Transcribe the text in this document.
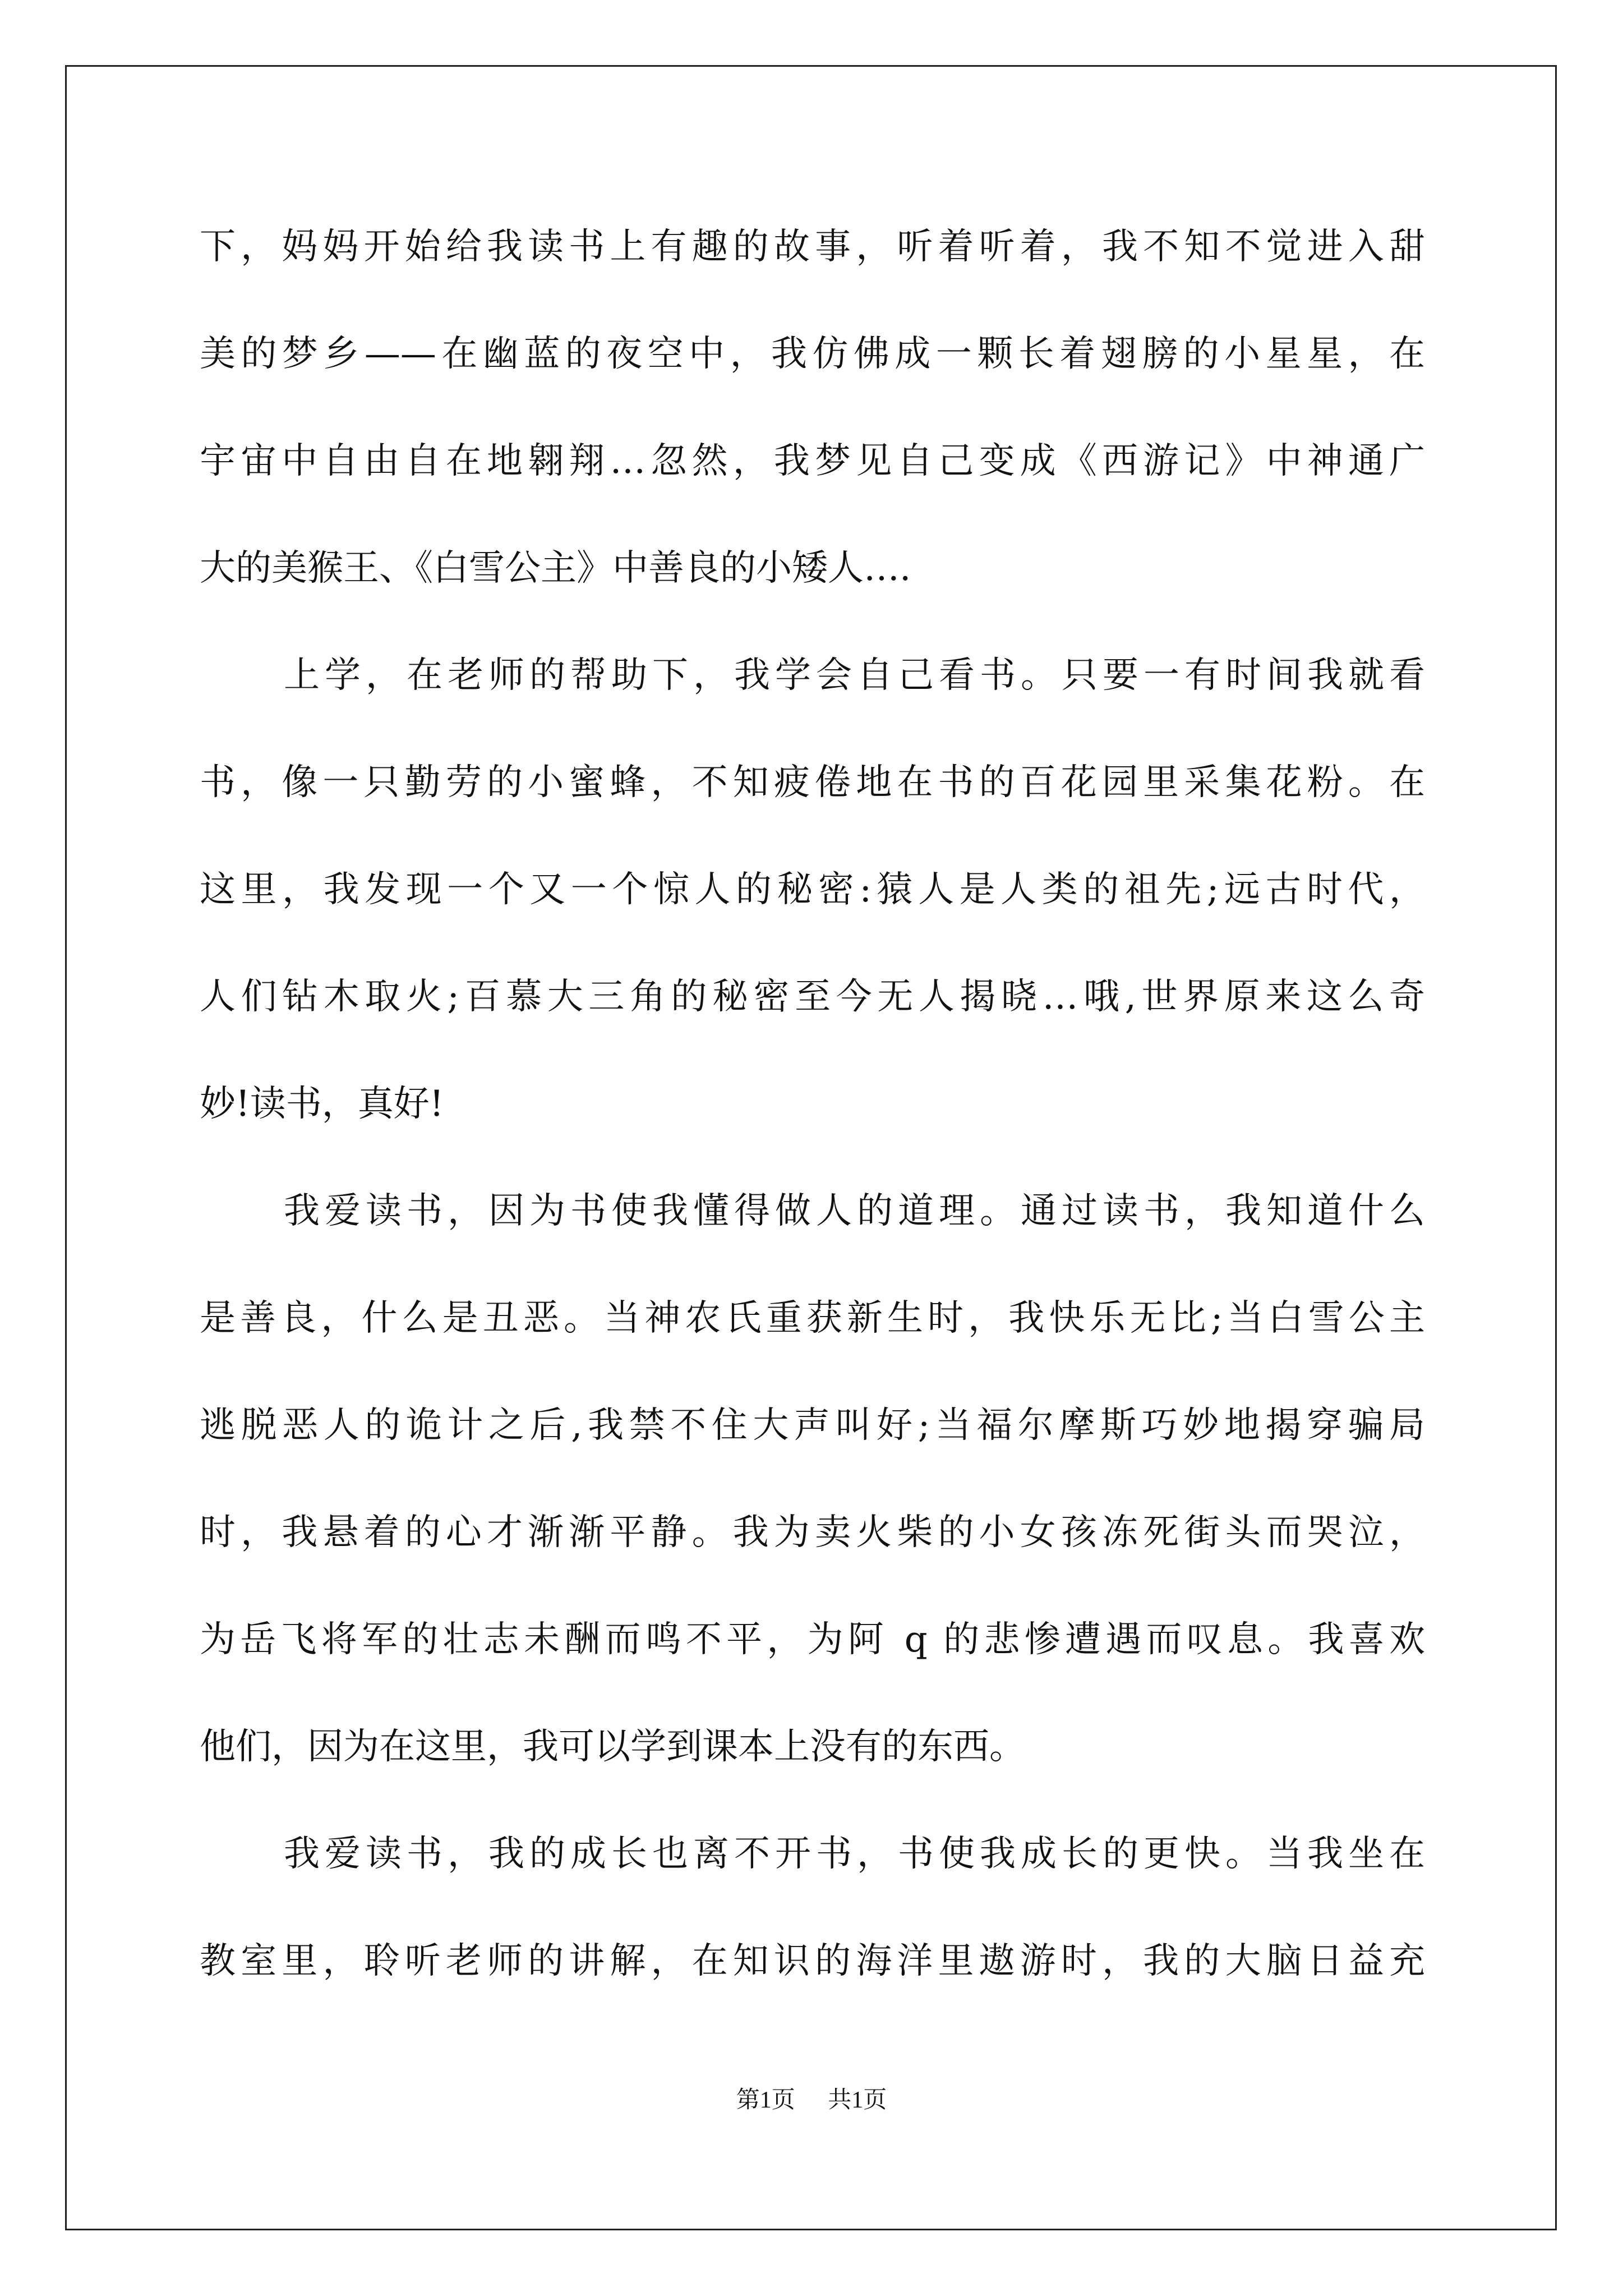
下，妈妈开始给我读书上有趣的故事，听着听着，我不知不觉进入甜
美的梦乡——在幽蓝的夜空中，我仿佛成一颗长着翅膀的小星星，在
宇宙中自由自在地翱翔…忽然，我梦见自己变成《西游记》中神通广
大的美猴王、《白雪公主》中善良的小矮人….
上学，在老师的帮助下，我学会自己看书。只要一有时间我就看
书，像一只勤劳的小蜜蜂，不知疲倦地在书的百花园里采集花粉。在
这里，我发现一个又一个惊人的秘密:猿人是人类的祖先;远古时代，
人们钻木取火;百慕大三角的秘密至今无人揭晓…哦,世界原来这么奇
妙!读书，真好!
我爱读书，因为书使我懂得做人的道理。通过读书，我知道什么
是善良，什么是丑恶。当神农氏重获新生时，我快乐无比;当白雪公主
逃脱恶人的诡计之后,我禁不住大声叫好;当福尔摩斯巧妙地揭穿骗局
时，我悬着的心才渐渐平静。我为卖火柴的小女孩冻死街头而哭泣，
为岳飞将军的壮志未酬而鸣不平，为阿 q 的悲惨遭遇而叹息。我喜欢
他们，因为在这里，我可以学到课本上没有的东西。
我爱读书，我的成长也离不开书，书使我成长的更快。当我坐在
教室里，聆听老师的讲解，在知识的海洋里遨游时，我的大脑日益充
第1页 共1页
